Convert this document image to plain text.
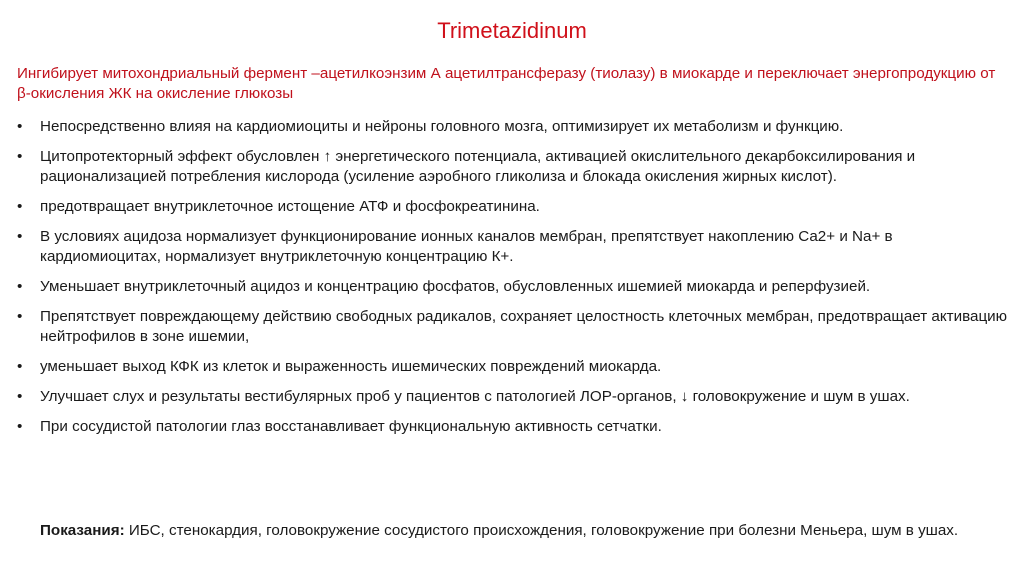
Trimetazidinum
Ингибирует митохондриальный фермент –ацетилкоэнзим А ацетилтрансферазу (тиолазу) в миокарде и переключает энергопродукцию от β-окисления ЖК на окисление глюкозы
• Непосредственно влияя на кардиомиоциты и нейроны головного мозга, оптимизирует их метаболизм и функцию.
• Цитопротекторный эффект обусловлен ↑ энергетического потенциала, активацией окислительного декарбоксилирования и рационализацией потребления кислорода (усиление аэробного гликолиза и блокада окисления жирных кислот).
• предотвращает внутриклеточное истощение АТФ и фосфокреатинина.
• В условиях ацидоза нормализует функционирование ионных каналов мембран, препятствует накоплению Са2+ и Na+ в кардиомиоцитах, нормализует внутриклеточную концентрацию К+.
• Уменьшает внутриклеточный ацидоз и концентрацию фосфатов, обусловленных ишемией миокарда и реперфузией.
• Препятствует повреждающему действию свободных радикалов, сохраняет целостность клеточных мембран, предотвращает активацию нейтрофилов в зоне ишемии,
• уменьшает выход КФК из клеток и выраженность ишемических повреждений миокарда.
• Улучшает слух и результаты вестибулярных проб у пациентов с патологией ЛОР-органов, ↓ головокружение и шум в ушах.
• При сосудистой патологии глаз восстанавливает функциональную активность сетчатки.
Показания: ИБС, стенокардия, головокружение сосудистого происхождения, головокружение при болезни Меньера, шум в ушах.
